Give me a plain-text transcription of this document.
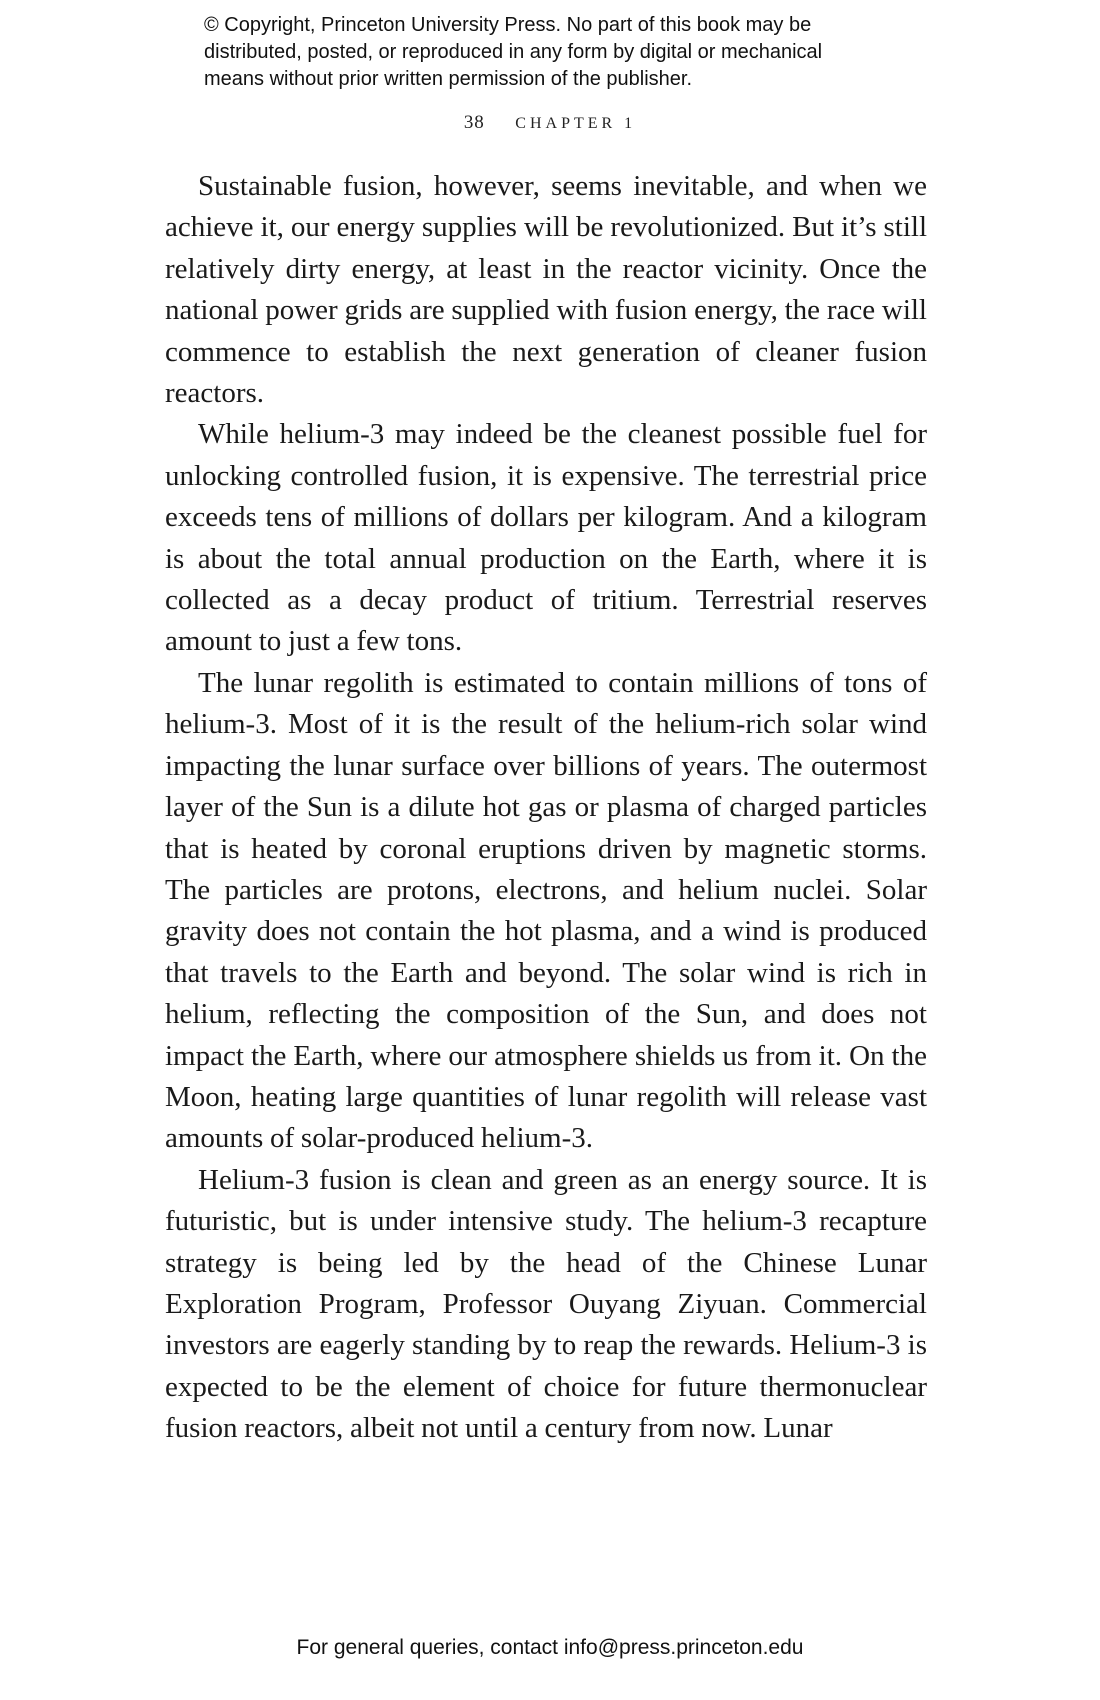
© Copyright, Princeton University Press. No part of this book may be
distributed, posted, or reproduced in any form by digital or mechanical
means without prior written permission of the publisher.
38 CHAPTER 1

Sustainable fusion, however, seems inevitable, and when we achieve it, our energy supplies will be revolutionized. But it’s still relatively dirty energy, at least in the reactor vicinity. Once the national power grids are supplied with fusion energy, the race will commence to establish the next generation of cleaner fusion reactors.

While helium-3 may indeed be the cleanest possible fuel for unlocking controlled fusion, it is expensive. The terrestrial price exceeds tens of millions of dollars per kilogram. And a kilogram is about the total annual production on the Earth, where it is collected as a decay product of tritium. Terrestrial reserves amount to just a few tons.

The lunar regolith is estimated to contain millions of tons of helium-3. Most of it is the result of the helium-rich solar wind impacting the lunar surface over billions of years. The outermost layer of the Sun is a dilute hot gas or plasma of charged particles that is heated by coronal eruptions driven by magnetic storms. The particles are protons, electrons, and helium nuclei. Solar gravity does not contain the hot plasma, and a wind is produced that travels to the Earth and beyond. The solar wind is rich in helium, reflecting the composition of the Sun, and does not impact the Earth, where our atmosphere shields us from it. On the Moon, heating large quantities of lunar regolith will release vast amounts of solar-produced helium-3.

Helium-3 fusion is clean and green as an energy source. It is futuristic, but is under intensive study. The helium-3 recapture strategy is being led by the head of the Chinese Lunar Exploration Program, Professor Ouyang Ziyuan. Commercial investors are eagerly standing by to reap the rewards. Helium-3 is expected to be the element of choice for future thermonuclear fusion reactors, albeit not until a century from now. Lunar

For general queries, contact info@press.princeton.edu
